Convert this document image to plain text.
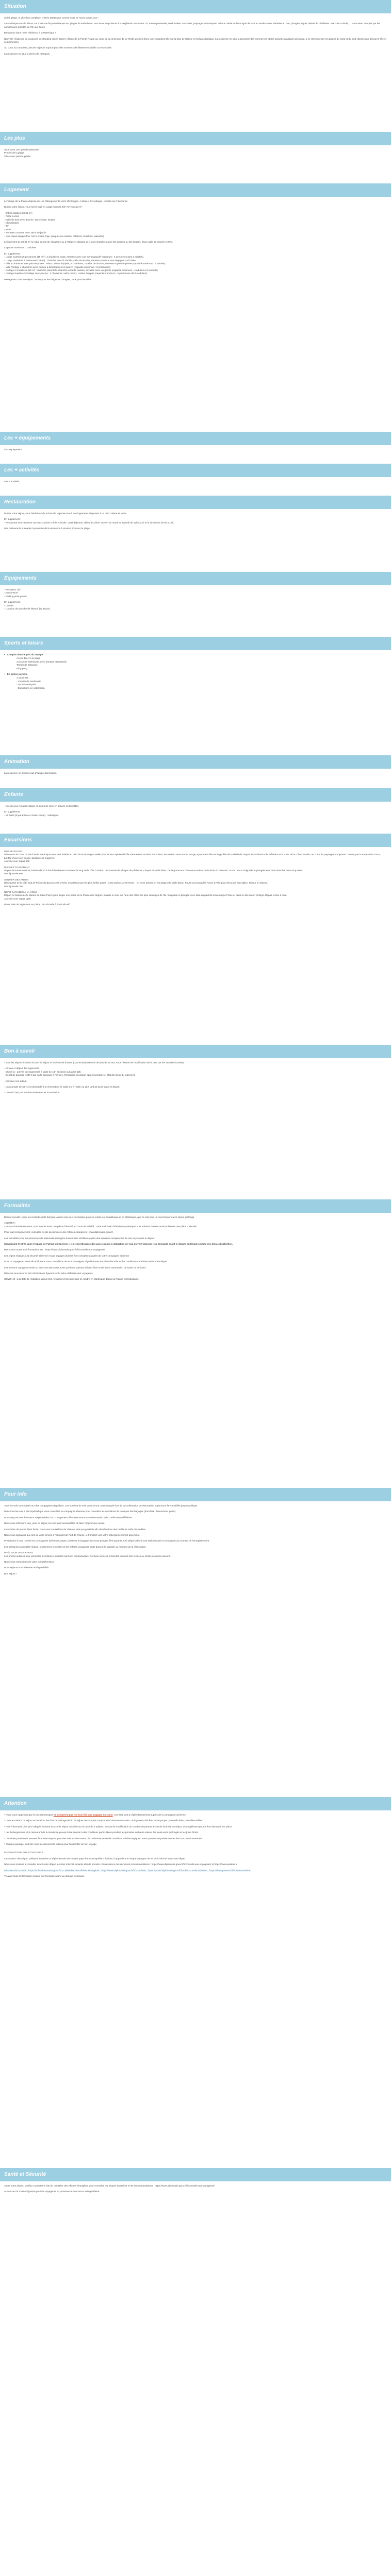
Situation

Soleil, plage, le gîte d'un complexe, c'est la Martinique comme vous ne l'avez jamais vue !

La Martinique vaut le détour car c'est une île paradisiaque aux plages de sable blanc, aux eaux turquoise et à la végétation luxuriante. Ici, nature préservée, randonnées, cascades, paysages volcaniques, culture créole et rhum agricole sont au rendez-vous. Balades en mer, plongée, kayak, visites de distilleries, marchés colorés, ... vous serez conquis par les nombreuses activités de l'île aux fleurs.

Bienvenue dans notre résidence à la Martinique !

Nouvelle résidence de vacances de standing située dans le village de la Pointe Rouge au cœur de la commune de la Trinité, profitez d'une vue exceptionnelle sur la baie de Galion et l'océan Atlantique. La résidence se situe à proximité des commerces et des activités nautiques du bourg, à mi-chemin entre les plages du Nord et du Sud. Idéale pour découvrir l'île et ses richesses.

Au cœur du complexe, piscine et jardin tropical pour des moments de détente en famille ou entre amis.

La résidence se situe à 20 km de l'aéroport.

Les plus

Situé dans une grande palmeraie

Proche de la plage

Villas avec piscine privée

Logement

Le Village de la Pointe dispose de 118 hébergements, dont 102 lodges, 4 villas et 12 cottages, répartis sur 2 hectares.

Durant votre séjour, vous serez logé en Lodge Confort 2/3* et Tropicale 6* :

- 2/4 lits adultes (30/46 m²)

- Pièce à vivre

- Salle de bain avec douche, WC séparé, lavabo

- Climatisation

- TV

- Wi-Fi

- Terrasse couverte avec salon de jardin

- Coin repas équipé (four micro-ondes, frigo, plaques de cuisson, cafetière, bouilloire, vaisselle)

Le logement de 30/46 m² se situe en rez-de-chaussée ou à l'étage et dispose de 1 ou 2 chambres avec lits doubles ou lits simples, d'une salle de douche et WC.

Capacité maximum : 2 adultes.

En supplément :

- Lodge Confort 4/6 personnes (46 m²) : 2 chambres, salon, terrasse avec vue mer (capacité maximum : 4 personnes dont 2 adultes).

- Lodge Supérieur 2 personnes (33 m²) : chambre avec lit double, salle de douche, terrasse privée et vue dégagée sur la baie.

- Villa 3 chambres avec piscine privée : salon, cuisine équipée, 3 chambres, 2 salles de douche, terrasse et piscine privée (capacité maximum : 6 adultes).

- Villa Prestige 4 chambres avec piscine à débordement et jacuzzi (capacité maximum : 8 personnes).

- Cottage 2 chambres (60 m²) : chambre parentale, chambre enfants, cuisine, terrasse avec vue jardin (capacité maximum : 4 adultes et 2 enfants).

- Cottage Supérieur Prestige avec piscine : 3 chambres, salon ouvert, cuisine équipée (capacité maximum : 6 personnes dont 4 adultes).

Ménage en cours de séjour : inclus pour les lodges et cottages, 100€ pour les villas.

Les + équipements

Lit + équipement

Les + activités

Les + activités

Restauration

Durant votre séjour, vous bénéficiez de la formule logement seul. Vos logements disposent d'un coin cuisine et repas.

En supplément :

- Restaurant avec terrasse vue mer, cuisine créole et locale : petit-déjeuner, déjeuner, dîner. Ouvert de mardi au samedi de 12h à 22h et le dimanche de 8h à 15h.

Des restaurants et snacks à proximité de la résidence à environ 2 km sur la plage.

Équipements

- Réception 7j/7

- Accès Wi-Fi

- Parking privé gratuit

En supplément :

- Laverie

- Location de planche de kitesurf (42 €/jour).

Sports et loisirs
• Compris dans le prix du voyage

Accès direct à la plage

2 piscines extérieures avec transats et parasols

Terrain de pétanque

Ping-pong

• En option payante

À proximité :

- Circuits de randonnée

- Sports nautiques

- Excursions en catamaran

Animation

La résidence ne dispose pas d'équipe d'animation.

Enfants

- Aire de jeux (Nouvel espace en cours de mise en service en fin 2023).

En supplément :

- Kit bébé (lit parapluie et chaise haute) : 15€/séjour.

Excursions

MORNE ROUGE

Découvrez le cœur du Nord de la Martinique avec une balade au pied de la Montagne Pelée, l'ancienne capitale de l'île Saint-Pierre et visite des ruines. Poursuivez vers Morne Rouge, Ajoupa-Bouillon et le gouffre de la distillerie Depaz. Puis direction le Prêcheur et la route de la Côte Caraïbe, au cœur de paysages somptueux. Retour par la route de la Trace, bordée d'une forêt dense, bambous et fougères.

Journée avec repas 90€

ROCHER DU DIAMANT

Depuis la Pointe du Bout, balade de 3h à bord d'un bateau à moteur le long de la côte Caraïbe. Découverte de villages de pêcheurs, criques et sable blanc, de la grotte aux chauves-souris et du Rocher du Diamant. Sur le retour, baignade et plongée avec tuba dans les eaux turquoises.

Demi-journée 90€

SENTIER DES ANSES

Découverte de la côte Sud de Pointe du Bout à Anse d'Arlet, en passant par les plus belles anses : Anse Dufour, Anse Noire ... et leurs tortues, et les plages de sable blanc. Pause au bourg des Anses d'Arlet pour découvrir son église. Retour en bateau.

Demi-journée 70€

NORD CARAÏBES À LA VOILE

Départ en bateau de la Marina de Saint-Pierre pour longer une partie de la Pointe des Nègres. Balade en mer sur l'une des côtes les plus sauvages de l'île. Baignade et plongée avec tuba au pied de la Montagne Pelée et dans un site marin protégé. Repas créole à bord.

Journée avec repas 115€

Plans selon le règlement sur place. Prix donnés à titre indicatif

Bon à savoir

- Tous les séjours incluent la taxe de séjour et les frais de dossier (0,60 €/nuit/personne de plus de 18 ans, sous réserve de modification de la taxe par les autorités locales).

- Arrivée et départ des logements :

- Check-in : arrivée des logements à partir de 16h et check-out avant 10h.

- Dépôt de garantie : 300 € par carte bancaire à l'arrivée. Restitution au départ après inventaire et état des lieux du logement.

- Animaux non admis.

- Un acompte de 30 % est demandé à la réservation, le solde est à régler au plus tard 30 jours avant le départ.

* Ce tarif n'est pas remboursable en cas d'annulation.

Formalités

Bonne nouvelle : pour les ressortissants français, aucun visa n'est nécessaire pour se rendre en Guadeloupe et en Martinique, que ce soit pour un court séjour ou un séjour prolongé.

A NOTER :

- En cas d'arrivée en avion, vous devrez avoir une pièce d'identité en cours de validité : carte nationale d'identité ou passeport. Les mineurs doivent aussi présenter une pièce d'identité.

Pour tout renseignement, consultez le site du ministère des Affaires étrangères : www.diplomatie.gouv.fr.

Les formalités pour les personnes de nationalité étrangère doivent être vérifiées auprès des autorités compétentes de leur pays avant le départ.

Concernant l'entrée dans l'espace de l'Union européenne : les ressortissants des pays soumis à obligation de visa doivent déposer leur demande avant le départ, en tenant compte des délais d'obtention.

Retrouvez toutes les informations sur : https://www.diplomatie.gouv.fr/fr/conseils-aux-voyageurs/

Les règles relatives à la sécurité aérienne et aux bagages doivent être consultées auprès de votre compagnie aérienne.

Pour un voyage en toute sécurité, nous vous conseillons de vous renseigner régulièrement sur l'état des vols et des conditions sanitaires avant votre départ.

Les mineurs voyageant seuls ou avec une personne autre que leurs parents doivent être munis d'une autorisation de sortie du territoire.

Réservé sous réserve des informations figurant sur la pièce d'identité des voyageurs.

COVID-19 : à la date de rédaction, aucun test ni vaccin n'est exigé pour se rendre en Martinique depuis la France métropolitaine.

Pour info

Tous les vols sont opérés sur des compagnies régulières. Les horaires de vols vous seront communiqués lors de la confirmation de réservation et pourront être modifiés jusqu'au départ.

Dans tous les cas, il est impératif que vous consultiez la compagnie aérienne pour connaître les conditions de transport des bagages (franchise, dimensions, poids).

Nous ne pourrons être tenus responsables d'un changement d'horaires entre votre réservation et la confirmation définitive.

Nous vous informons que, pour ce séjour, les vols sont susceptibles de faire l'objet d'une escale.

Le nombre de places étant limité, nous vous conseillons de réserver dès que possible afin de bénéficier des meilleurs tarifs disponibles.

Nous vous signalons que lors de votre arrivée à l'aéroport de Fort-de-France, le transfert vers votre hébergement n'est pas inclus.

Prestations à bord : selon les compagnies aériennes, repas, boissons et bagages en soute peuvent être payants. Les sièges à bord sont attribués par la compagnie au moment de l'enregistrement.

Les personnes à mobilité réduite, les femmes enceintes et les enfants voyageant seuls doivent le signaler au moment de la réservation.

PRÉCISION DES OFFRES

Les photos utilisées pour présenter les hôtels et activités sont non contractuelles. Certains services présentés peuvent être fermés ou limités selon les saisons.

Nous vous remercions de votre compréhension.

Bons séjours sous réserve de disponibilité.

Bon séjour !

Attention

* Nous vous rappelons que le prix du transport ne comprend pas les frais liés aux bagages en soute, ces frais sont à régler directement auprès de la compagnie aérienne.

* Dans le cadre d'un séjour en location, les frais de ménage de fin de séjour ne sont pas compris sauf mention contraire. Le logement doit être rendu propre ; vaisselle faite, poubelles vidées.

* Pour information, les prix indiqués incluent la taxe de séjour calculée sur la base de 2 adultes. En cas de modification du nombre de personnes ou de la durée du séjour, un supplément pourra être demandé sur place.

* Les hébergements et le restaurant de la résidence peuvent être soumis à des conditions particulières pendant les périodes de haute saison, les week-ends prolongés et les jours fériés.

* Certaines prestations peuvent être interrompues pour des raisons de travaux, de maintenance ou de conditions météorologiques, sans que cela ne puisse donner lieu à un remboursement.

* Chaque passager doit être muni de documents valides pour l'ensemble de son voyage.

INFORMATIONS AUX VOYAGEURS :

La situation climatique, politique, sanitaire ou réglementaire de chaque pays étant susceptible d'évoluer, il appartient à chaque voyageur de se tenir informé avant son départ.

Nous vous invitons à consulter avant votre départ les sites Internet suivants afin de prendre connaissance des dernières recommandations : https://www.diplomatie.gouv.fr/fr/conseils-aux-voyageurs/ et https://www.pasteur.fr

Ministère de la Santé : https://solidarites-sante.gouv.fr/ — Ministère des Affaires étrangères : https://www.diplomatie.gouv.fr/fr/ — Ariane : https://pastel.diplomatie.gouv.fr/fortdar — Institut Pasteur : https://www.pasteur.fr/fr/centre-medical

Trouvez toute l'information relative aux formalités dans la rubrique ci-dessus.

Santé et Sécurité

Avant votre départ, veuillez consulter le site du ministère des Affaires étrangères pour connaître les risques sanitaires et les recommandations : https://www.diplomatie.gouv.fr/fr/conseils-aux-voyageurs/

Aucun vaccin n'est obligatoire pour les voyageurs en provenance de France métropolitaine.
